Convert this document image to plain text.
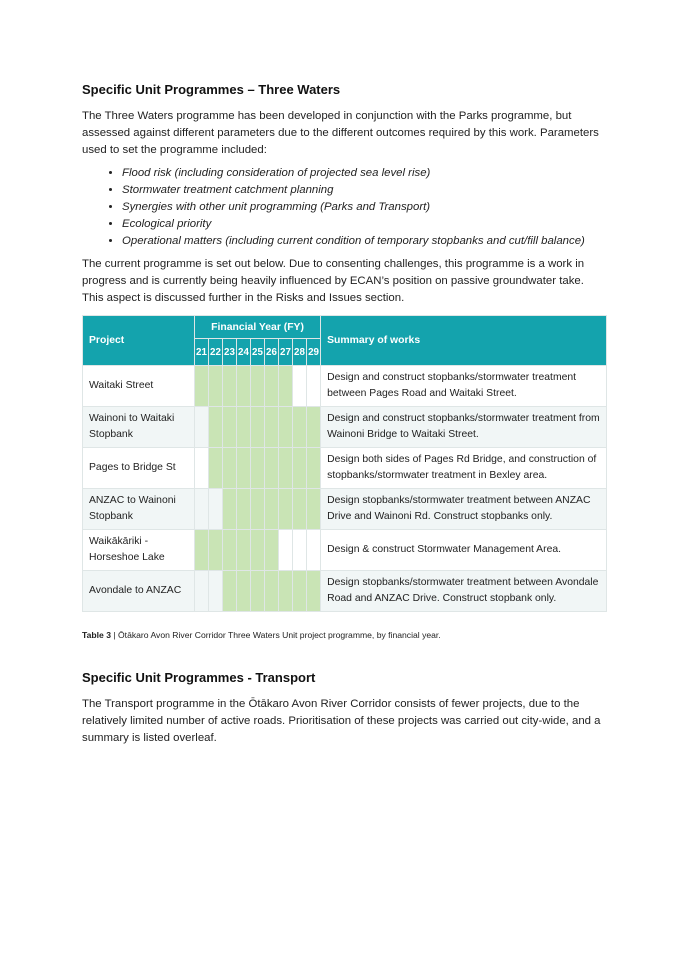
Specific Unit Programmes – Three Waters

The Three Waters programme has been developed in conjunction with the Parks programme, but assessed against different parameters due to the different outcomes required by this work. Parameters used to set the programme included:

• Flood risk (including consideration of projected sea level rise)
• Stormwater treatment catchment planning
• Synergies with other unit programming (Parks and Transport)
• Ecological priority
• Operational matters (including current condition of temporary stopbanks and cut/fill balance)

The current programme is set out below. Due to consenting challenges, this programme is a work in progress and is currently being heavily influenced by ECAN’s position on passive groundwater take. This aspect is discussed further in the Risks and Issues section.

Project	Financial Year (FY)									Summary of works
	21	22	23	24	25	26	27	28	29	
Waitaki Street										Design and construct stopbanks/stormwater treatment between Pages Road and Waitaki Street.
Wainoni to Waitaki Stopbank										Design and construct stopbanks/stormwater treatment from Wainoni Bridge to Waitaki Street.
Pages to Bridge St										Design both sides of Pages Rd Bridge, and construction of stopbanks/stormwater treatment in Bexley area.
ANZAC to Wainoni Stopbank										Design stopbanks/stormwater treatment between ANZAC Drive and Wainoni Rd. Construct stopbanks only.
Waikākāriki - Horseshoe Lake										Design & construct Stormwater Management Area.
Avondale to ANZAC										Design stopbanks/stormwater treatment between Avondale Road and ANZAC Drive. Construct stopbank only.
Table 3 | Ōtākaro Avon River Corridor Three Waters Unit project programme, by financial year.
Specific Unit Programmes - Transport

The Transport programme in the Ōtākaro Avon River Corridor consists of fewer projects, due to the relatively limited number of active roads. Prioritisation of these projects was carried out city-wide, and a summary is listed overleaf.
